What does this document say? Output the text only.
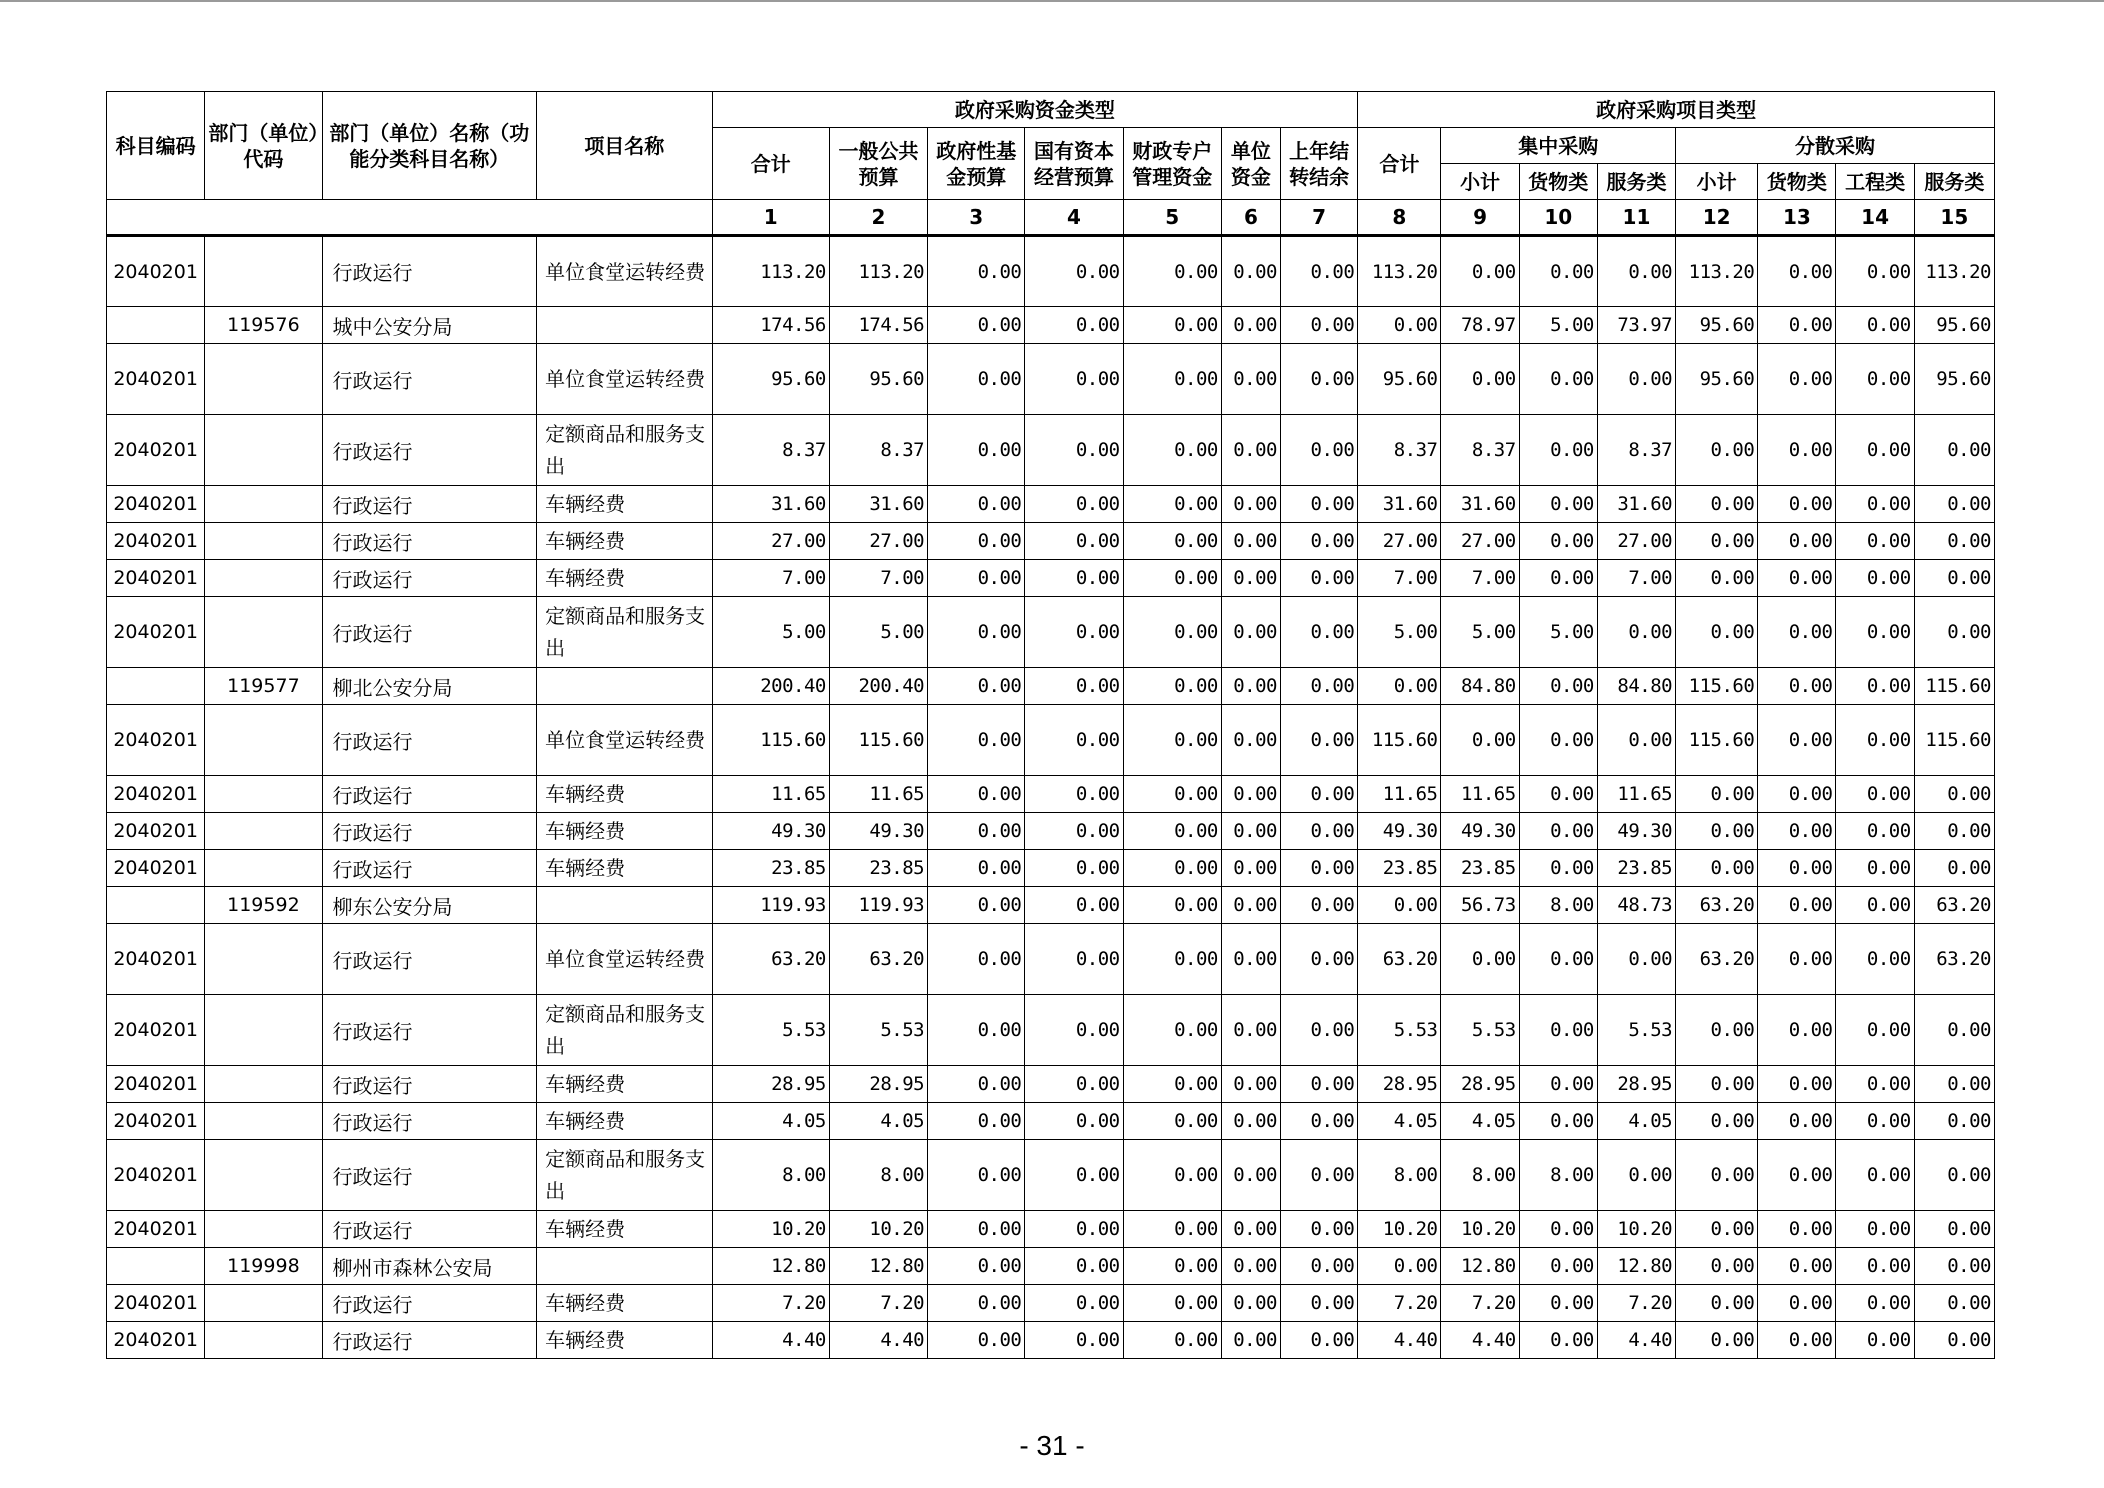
科目编码	部门（单位）代码	部门（单位）名称（功能分类科目名称）	项目名称	政府采购资金类型							政府采购项目类型							
				合计	一般公共预算	政府性基金预算	国有资本经营预算	财政专户管理资金	单位资金	上年结转结余	合计	集中采购			分散采购			
												小计	货物类	服务类	小计	货物类	工程类	服务类
				1	2	3	4	5	6	7	8	9	10	11	12	13	14	15
2040201		行政运行	单位食堂运转经费	113.20	113.20	0.00	0.00	0.00	0.00	0.00	113.20	0.00	0.00	0.00	113.20	0.00	0.00	113.20
	119576	城中公安分局		174.56	174.56	0.00	0.00	0.00	0.00	0.00	0.00	78.97	5.00	73.97	95.60	0.00	0.00	95.60
2040201		行政运行	单位食堂运转经费	95.60	95.60	0.00	0.00	0.00	0.00	0.00	95.60	0.00	0.00	0.00	95.60	0.00	0.00	95.60
2040201		行政运行	定额商品和服务支出	8.37	8.37	0.00	0.00	0.00	0.00	0.00	8.37	8.37	0.00	8.37	0.00	0.00	0.00	0.00
2040201		行政运行	车辆经费	31.60	31.60	0.00	0.00	0.00	0.00	0.00	31.60	31.60	0.00	31.60	0.00	0.00	0.00	0.00
2040201		行政运行	车辆经费	27.00	27.00	0.00	0.00	0.00	0.00	0.00	27.00	27.00	0.00	27.00	0.00	0.00	0.00	0.00
2040201		行政运行	车辆经费	7.00	7.00	0.00	0.00	0.00	0.00	0.00	7.00	7.00	0.00	7.00	0.00	0.00	0.00	0.00
2040201		行政运行	定额商品和服务支出	5.00	5.00	0.00	0.00	0.00	0.00	0.00	5.00	5.00	5.00	0.00	0.00	0.00	0.00	0.00
	119577	柳北公安分局		200.40	200.40	0.00	0.00	0.00	0.00	0.00	0.00	84.80	0.00	84.80	115.60	0.00	0.00	115.60
2040201		行政运行	单位食堂运转经费	115.60	115.60	0.00	0.00	0.00	0.00	0.00	115.60	0.00	0.00	0.00	115.60	0.00	0.00	115.60
2040201		行政运行	车辆经费	11.65	11.65	0.00	0.00	0.00	0.00	0.00	11.65	11.65	0.00	11.65	0.00	0.00	0.00	0.00
2040201		行政运行	车辆经费	49.30	49.30	0.00	0.00	0.00	0.00	0.00	49.30	49.30	0.00	49.30	0.00	0.00	0.00	0.00
2040201		行政运行	车辆经费	23.85	23.85	0.00	0.00	0.00	0.00	0.00	23.85	23.85	0.00	23.85	0.00	0.00	0.00	0.00
	119592	柳东公安分局		119.93	119.93	0.00	0.00	0.00	0.00	0.00	0.00	56.73	8.00	48.73	63.20	0.00	0.00	63.20
2040201		行政运行	单位食堂运转经费	63.20	63.20	0.00	0.00	0.00	0.00	0.00	63.20	0.00	0.00	0.00	63.20	0.00	0.00	63.20
2040201		行政运行	定额商品和服务支出	5.53	5.53	0.00	0.00	0.00	0.00	0.00	5.53	5.53	0.00	5.53	0.00	0.00	0.00	0.00
2040201		行政运行	车辆经费	28.95	28.95	0.00	0.00	0.00	0.00	0.00	28.95	28.95	0.00	28.95	0.00	0.00	0.00	0.00
2040201		行政运行	车辆经费	4.05	4.05	0.00	0.00	0.00	0.00	0.00	4.05	4.05	0.00	4.05	0.00	0.00	0.00	0.00
2040201		行政运行	定额商品和服务支出	8.00	8.00	0.00	0.00	0.00	0.00	0.00	8.00	8.00	8.00	0.00	0.00	0.00	0.00	0.00
2040201		行政运行	车辆经费	10.20	10.20	0.00	0.00	0.00	0.00	0.00	10.20	10.20	0.00	10.20	0.00	0.00	0.00	0.00
	119998	柳州市森林公安局		12.80	12.80	0.00	0.00	0.00	0.00	0.00	0.00	12.80	0.00	12.80	0.00	0.00	0.00	0.00
2040201		行政运行	车辆经费	7.20	7.20	0.00	0.00	0.00	0.00	0.00	7.20	7.20	0.00	7.20	0.00	0.00	0.00	0.00
2040201		行政运行	车辆经费	4.40	4.40	0.00	0.00	0.00	0.00	0.00	4.40	4.40	0.00	4.40	0.00	0.00	0.00	0.00
- 31 -
